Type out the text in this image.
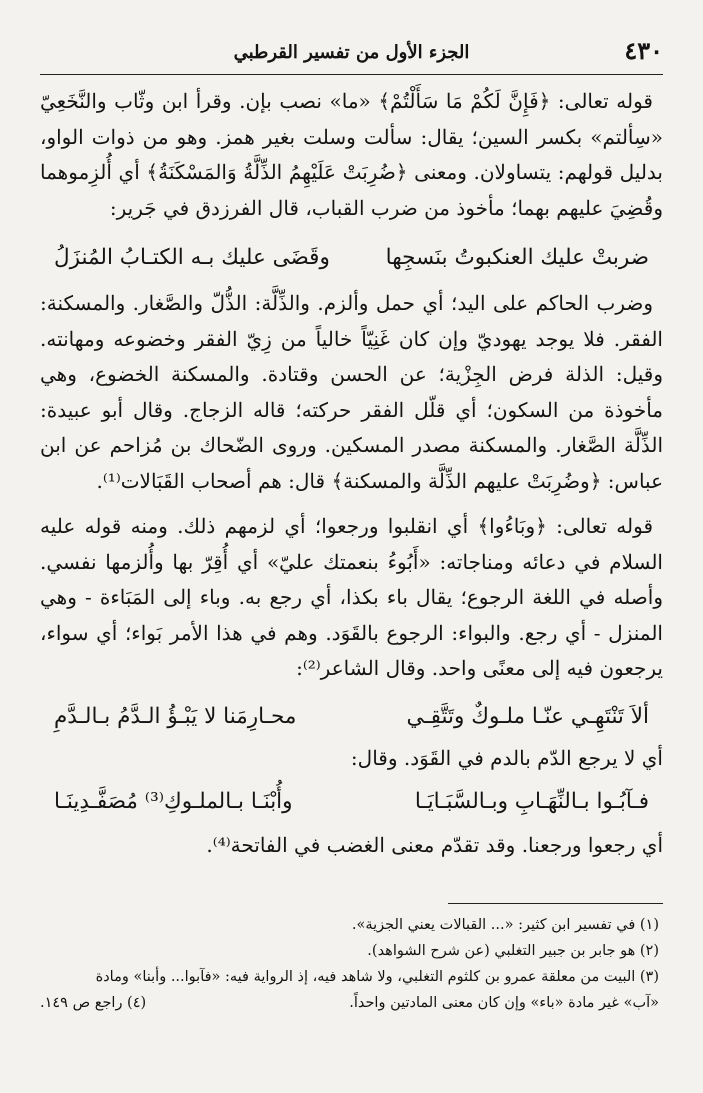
٤٣٠
الجزء الأول من تفسير القرطبي

قوله تعالى: ﴿فَإِنَّ لَكُمْ مَا سَأَلْتُمْ﴾ «ما» نصب بإن. وقرأ ابن وثّاب والنَّخَعِيّ «سِألتم» بكسر السين؛ يقال: سألت وسلت بغير همز. وهو من ذوات الواو، بدليل قولهم: يتساولان. ومعنى ﴿ضُرِبَتْ عَلَيْهِمُ الذِّلَّةُ وَالمَسْكَنَةُ﴾ أي أُلزِموهما وقُضِيَ عليهم بهما؛ مأخوذ من ضرب القباب، قال الفرزدق في جَرير:

ضربتْ عليك العنكبوتُ بنَسجِها
وقَضَى عليك بـه الكتـابُ المُنزَلُ

وضرب الحاكم على اليد؛ أي حمل وألزم. والذِّلَّة: الذُّلّ والصَّغار. والمسكنة: الفقر. فلا يوجد يهوديّ وإن كان غَنِيّاً خالياً من زِيّ الفقر وخضوعه ومهانته. وقيل: الذلة فرض الجِزْية؛ عن الحسن وقتادة. والمسكنة الخضوع، وهي مأخوذة من السكون؛ أي قلّل الفقر حركته؛ قاله الزجاج. وقال أبو عبيدة: الذِّلَّة الصَّغار. والمسكنة مصدر المسكين. وروى الضّحاك بن مُزاحم عن ابن عباس: ﴿وضُرِبَتْ عليهم الذِّلَّة والمسكنة﴾ قال: هم أصحاب القَبَالات⁽¹⁾.

قوله تعالى: ﴿وبَاءُوا﴾ أي انقلبوا ورجعوا؛ أي لزمهم ذلك. ومنه قوله عليه السلام في دعائه ومناجاته: «أَبُوءُ بنعمتك عليّ» أي أُقِرّ بها وأُلزمها نفسي. وأصله في اللغة الرجوع؛ يقال باء بكذا، أي رجع به. وباء إلى المَبَاءة - وهي المنزل - أي رجع. والبواء: الرجوع بالقَوَد. وهم في هذا الأمر بَواء؛ أي سواء، يرجعون فيه إلى معنًى واحد. وقال الشاعر⁽²⁾:

ألاَ تَنْتَهِـي عنّـا ملـوكٌ وتَتَّقِـي
محـارِمَنا لا يَبْـؤُ الـدَّمُ بـالـدَّمِ

أي لا يرجع الدّم بالدم في القَوَد. وقال:

فـآبُـوا بـالنِّهَـابِ وبـالسَّبَـايَـا
وأُبْنَـا بـالملـوكِ⁽³⁾ مُصَفَّـدِينَـا

أي رجعوا ورجعنا. وقد تقدّم معنى الغضب في الفاتحة⁽⁴⁾.

(١) في تفسير ابن كثير: «... القبالات يعني الجزية».
(٢) هو جابر بن جبير التغلبي (عن شرح الشواهد).
(٣) البيت من معلقة عمرو بن كلثوم التغلبي، ولا شاهد فيه، إذ الرواية فيه: «فآبوا... وأبنا» ومادة
«آب» غير مادة «باء» وإن كان معنى المادتين واحداً.
(٤) راجع ص ١٤٩.
